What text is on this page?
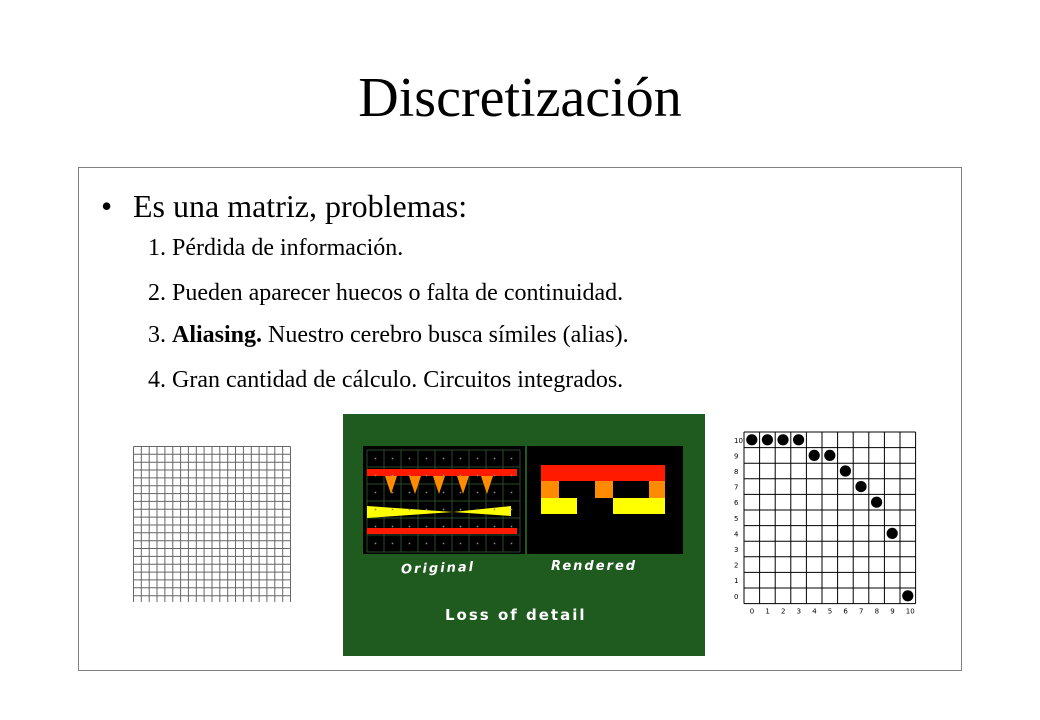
Discretización
• Es una matriz, problemas:
1. Pérdida de información.
2. Pueden aparecer huecos o falta de continuidad.
3. Aliasing. Nuestro cerebro busca símiles (alias).
4. Gran cantidad de cálculo. Circuitos integrados.
Original	Rendered
Loss of detail
0
1
2
3
4
5
6
7
8
9
10
0 1 2 3 4 5 6 7 8 9 10
